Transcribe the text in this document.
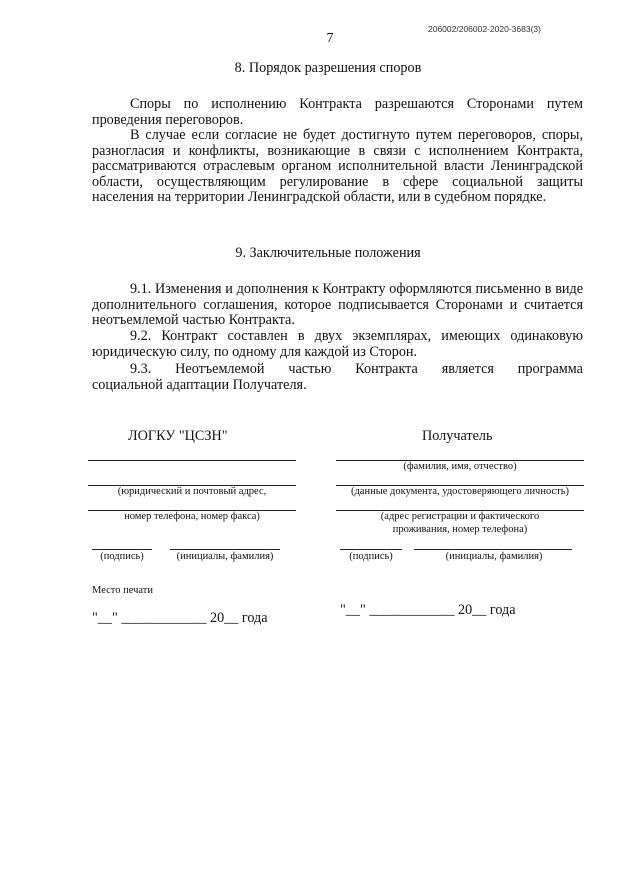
206002/206002-2020-3683(3)
7
8. Порядок разрешения споров
Споры по исполнению Контракта разрешаются Сторонами путем проведения переговоров.
В случае если согласие не будет достигнуто путем переговоров, споры, разногласия и конфликты, возникающие в связи с исполнением Контракта, рассматриваются отраслевым органом исполнительной власти Ленинградской области, осуществляющим регулирование в сфере социальной защиты населения на территории Ленинградской области, или в судебном порядке.
9. Заключительные положения
9.1. Изменения и дополнения к Контракту оформляются письменно в виде дополнительного соглашения, которое подписывается Сторонами и считается неотъемлемой частью Контракта.
9.2. Контракт составлен в двух экземплярах, имеющих одинаковую юридическую силу, по одному для каждой из Сторон.
9.3. Неотъемлемой частью Контракта является программа
социальной адаптации Получателя.
ЛОГКУ "ЦСЗН"
(юридический и почтовый адрес,
номер телефона, номер факса)
(подпись)	(инициалы, фамилия)
Место печати
"__" ____________ 20__ года
Получатель
(фамилия, имя, отчество)
(данные документа, удостоверяющего личность)
(адрес регистрации и фактического проживания, номер телефона)
(подпись)	(инициалы, фамилия)
"__" ____________ 20__ года
